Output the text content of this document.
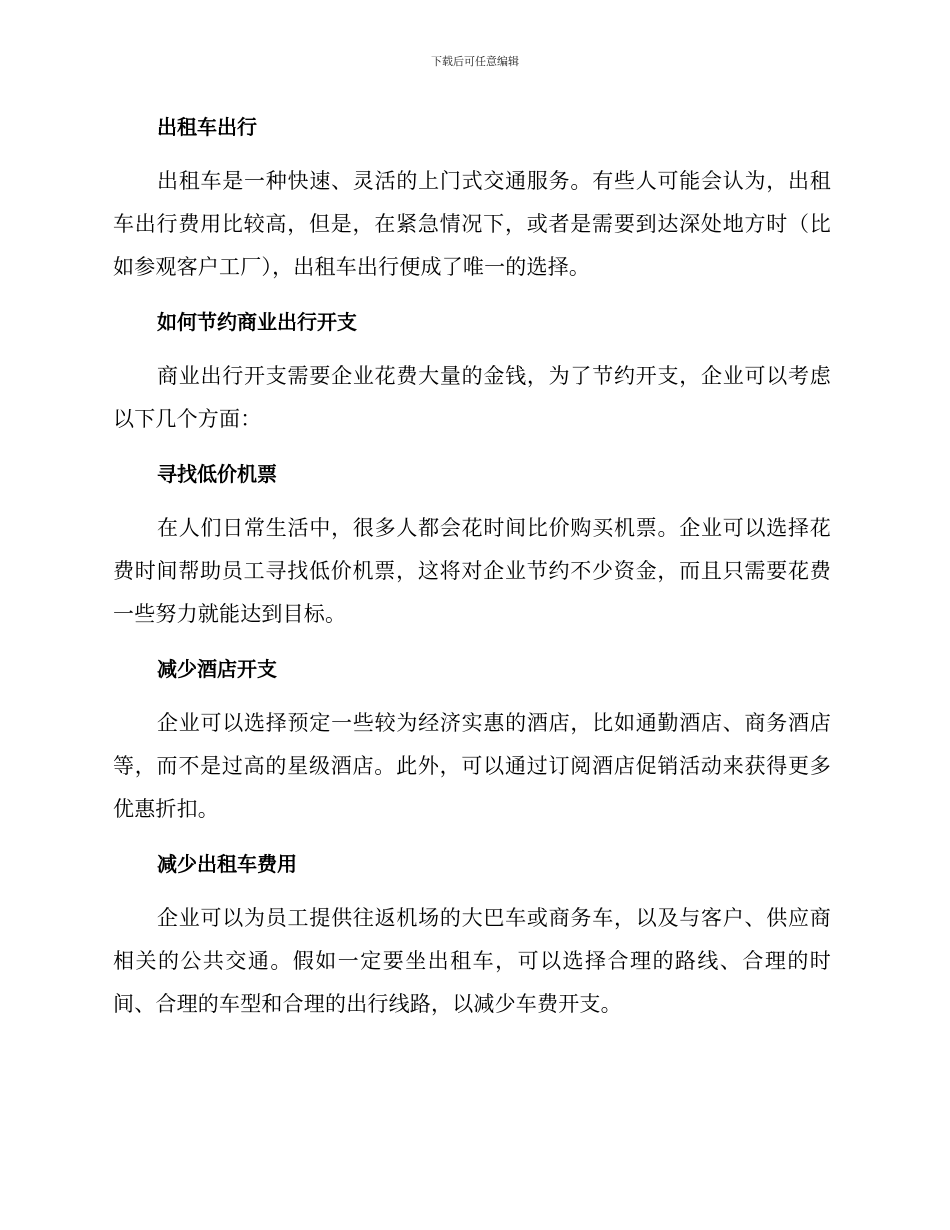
下载后可任意编辑
出租车出行

出租车是一种快速、灵活的上门式交通服务。有些人可能会认为，出租车出行费用比较高，但是，在紧急情况下，或者是需要到达深处地方时（比如参观客户工厂），出租车出行便成了唯一的选择。

如何节约商业出行开支

商业出行开支需要企业花费大量的金钱，为了节约开支，企业可以考虑以下几个方面：

寻找低价机票

在人们日常生活中，很多人都会花时间比价购买机票。企业可以选择花费时间帮助员工寻找低价机票，这将对企业节约不少资金，而且只需要花费一些努力就能达到目标。

减少酒店开支

企业可以选择预定一些较为经济实惠的酒店，比如通勤酒店、商务酒店等，而不是过高的星级酒店。此外，可以通过订阅酒店促销活动来获得更多优惠折扣。

减少出租车费用

企业可以为员工提供往返机场的大巴车或商务车，以及与客户、供应商相关的公共交通。假如一定要坐出租车，可以选择合理的路线、合理的时间、合理的车型和合理的出行线路，以减少车费开支。
